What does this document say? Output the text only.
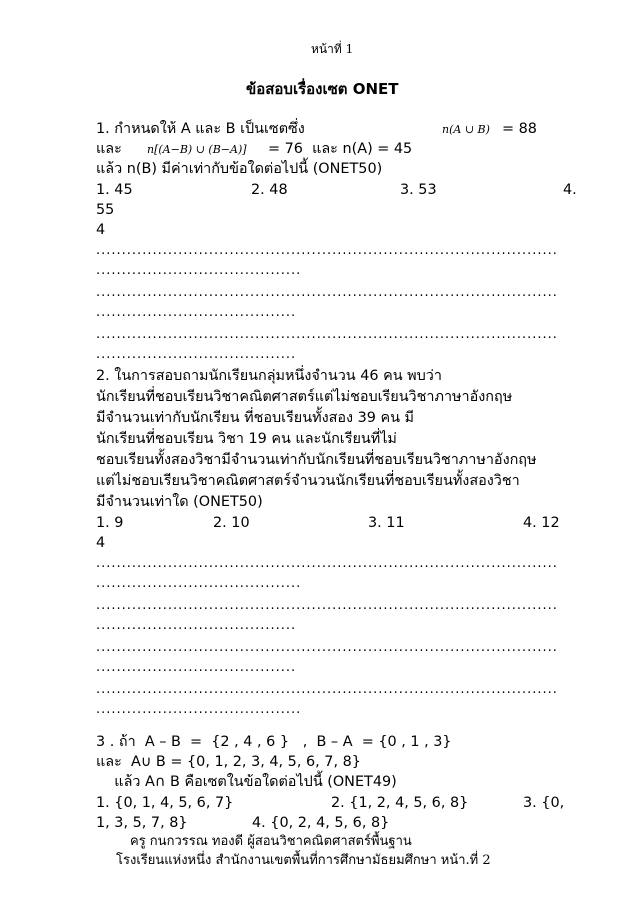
หน้าที่ 1
ข้อสอบเรื่องเซต ONET
1. กำหนดให้ A และ B เป็นเซตซึ่ง	n(A ∪ B) = 88
และ n[(A−B) ∪ (B−A)] = 76  และ n(A) = 45
แล้ว n(B) มีค่าเท่ากับข้อใดต่อไปนี้ (ONET50)
1. 45	2. 48	3. 53	4.
55
4
..........................................................................................
........................................
..........................................................................................
.......................................
..........................................................................................
.......................................
2. ในการสอบถามนักเรียนกลุ่มหนึ่งจำนวน 46 คน พบว่า
นักเรียนที่ชอบเรียนวิชาคณิตศาสตร์แต่ไม่ชอบเรียนวิชาภาษาอังกฤษ
มีจำนวนเท่ากับนักเรียน ที่ชอบเรียนทั้งสอง 39 คน มี
นักเรียนที่ชอบเรียน วิชา 19 คน และนักเรียนที่ไม่
ชอบเรียนทั้งสองวิชามีจำนวนเท่ากับนักเรียนที่ชอบเรียนวิชาภาษาอังกฤษ
แต่ไม่ชอบเรียนวิชาคณิตศาสตร์จำนวนนักเรียนที่ชอบเรียนทั้งสองวิชา
มีจำนวนเท่าใด (ONET50)
1. 9	2. 10	3. 11	4. 12
4
..........................................................................................
........................................
..........................................................................................
.......................................
..........................................................................................
.......................................
..........................................................................................
........................................
3 . ถ้า  A – B  =  {2 , 4 , 6 }   ,  B – A  = {0 , 1 , 3}
และ  A∪ B = {0, 1, 2, 3, 4, 5, 6, 7, 8}
แล้ว A∩ B คือเซตในข้อใดต่อไปนี้ (ONET49)
1. {0, 1, 4, 5, 6, 7}	2. {1, 2, 4, 5, 6, 8}	3. {0,
1, 3, 5, 7, 8}	4. {0, 2, 4, 5, 6, 8}
ครู กนกวรรณ ทองดี ผู้สอนวิชาคณิตศาสตร์พื้นฐาน
โรงเรียนแห่งหนึ่ง สำนักงานเขตพื้นที่การศึกษามัธยมศึกษา หน้า.ที่ 2
